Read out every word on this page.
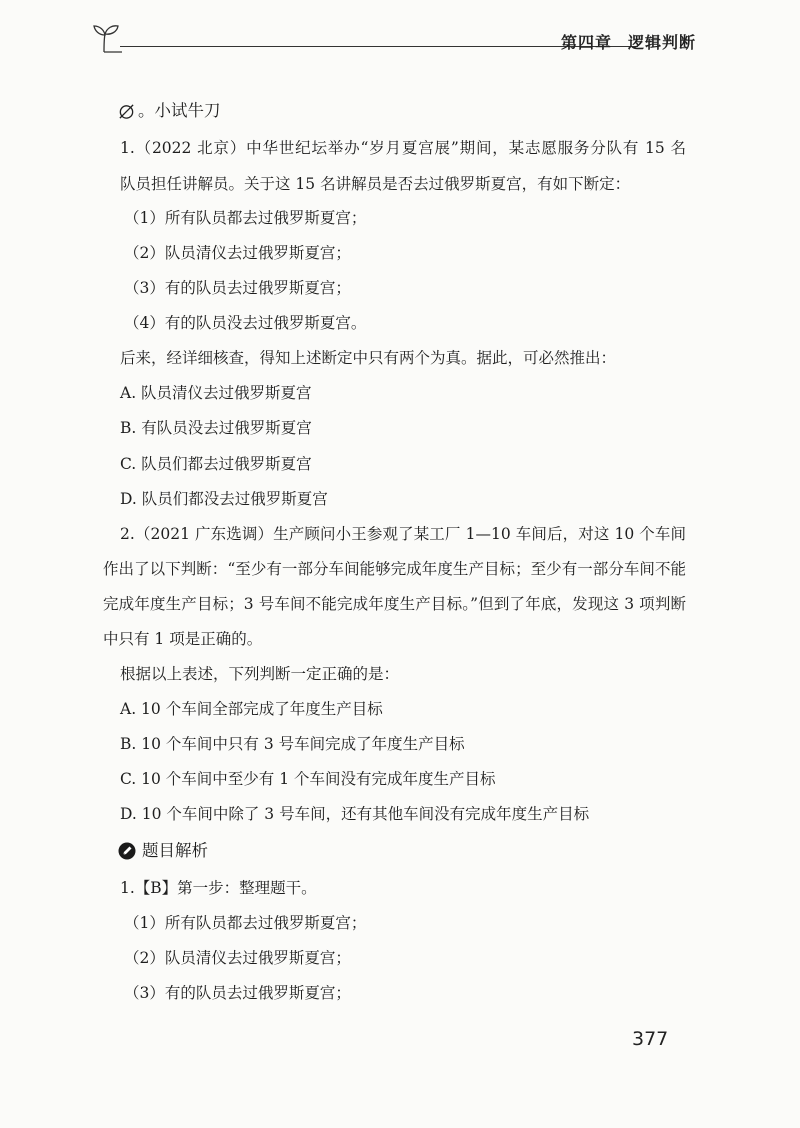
第四章 逻辑判断
。小试牛刀
1.（2022 北京）中华世纪坛举办“岁月夏宫展”期间，某志愿服务分队有 15 名
队员担任讲解员。关于这 15 名讲解员是否去过俄罗斯夏宫，有如下断定：
（1）所有队员都去过俄罗斯夏宫；
（2）队员清仪去过俄罗斯夏宫；
（3）有的队员去过俄罗斯夏宫；
（4）有的队员没去过俄罗斯夏宫。
后来，经详细核查，得知上述断定中只有两个为真。据此，可必然推出：
A. 队员清仪去过俄罗斯夏宫
B. 有队员没去过俄罗斯夏宫
C. 队员们都去过俄罗斯夏宫
D. 队员们都没去过俄罗斯夏宫
2.（2021 广东选调）生产顾问小王参观了某工厂 1—10 车间后，对这 10 个车间
作出了以下判断：“至少有一部分车间能够完成年度生产目标；至少有一部分车间不能
完成年度生产目标；3 号车间不能完成年度生产目标。”但到了年底，发现这 3 项判断
中只有 1 项是正确的。
根据以上表述，下列判断一定正确的是：
A. 10 个车间全部完成了年度生产目标
B. 10 个车间中只有 3 号车间完成了年度生产目标
C. 10 个车间中至少有 1 个车间没有完成年度生产目标
D. 10 个车间中除了 3 号车间，还有其他车间没有完成年度生产目标
题目解析
1.【B】第一步：整理题干。
（1）所有队员都去过俄罗斯夏宫；
（2）队员清仪去过俄罗斯夏宫；
（3）有的队员去过俄罗斯夏宫；
377
